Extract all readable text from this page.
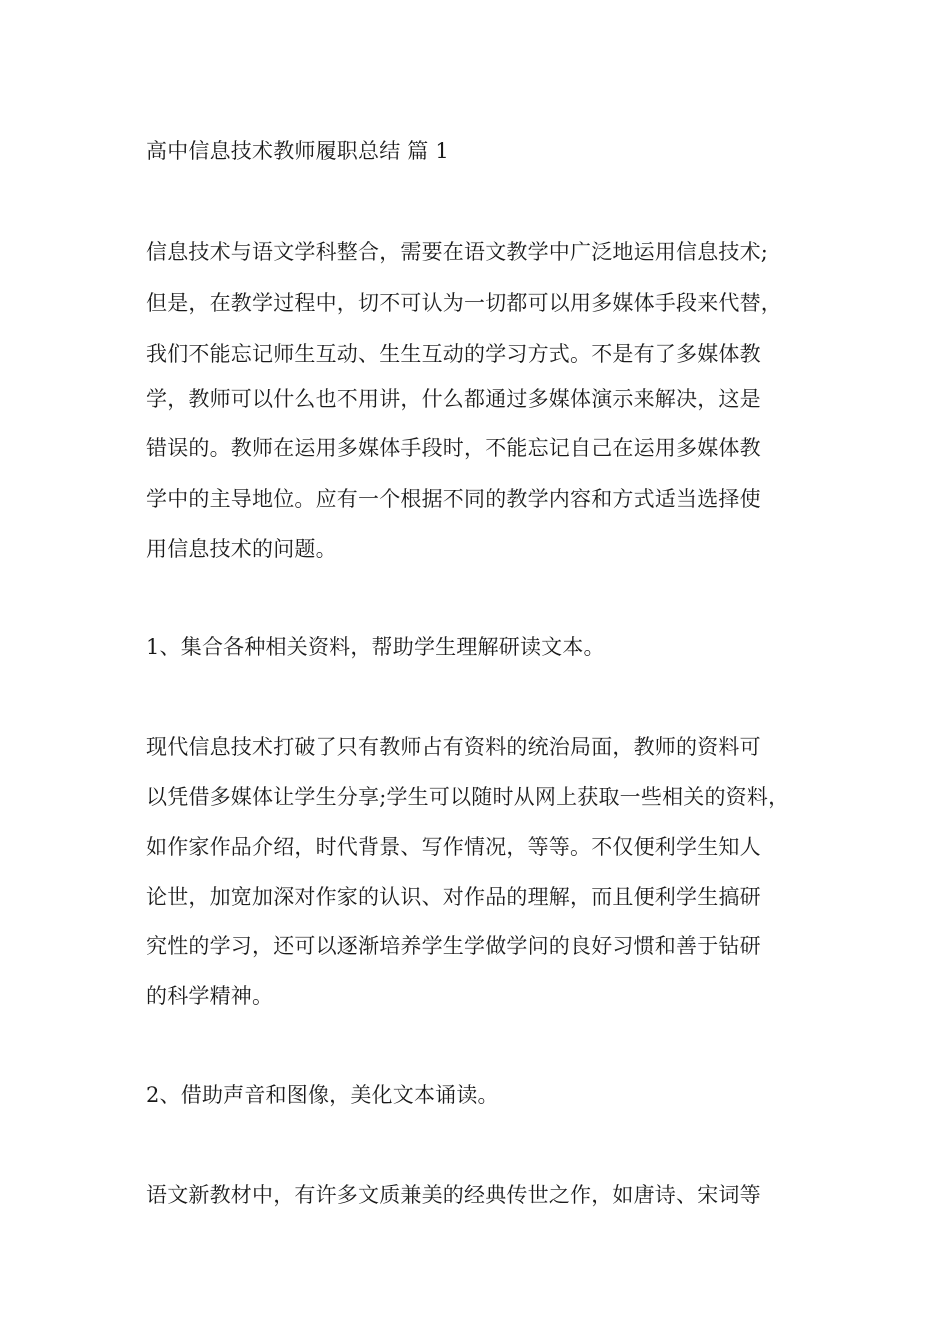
高中信息技术教师履职总结 篇 1
信息技术与语文学科整合，需要在语文教学中广泛地运用信息技术;
但是，在教学过程中，切不可认为一切都可以用多媒体手段来代替，
我们不能忘记师生互动、生生互动的学习方式。不是有了多媒体教
学，教师可以什么也不用讲，什么都通过多媒体演示来解决，这是
错误的。教师在运用多媒体手段时，不能忘记自己在运用多媒体教
学中的主导地位。应有一个根据不同的教学内容和方式适当选择使
用信息技术的问题。
1、集合各种相关资料，帮助学生理解研读文本。
现代信息技术打破了只有教师占有资料的统治局面，教师的资料可
以凭借多媒体让学生分享;学生可以随时从网上获取一些相关的资料，
如作家作品介绍，时代背景、写作情况，等等。不仅便利学生知人
论世，加宽加深对作家的认识、对作品的理解，而且便利学生搞研
究性的学习，还可以逐渐培养学生学做学问的良好习惯和善于钻研
的科学精神。
2、借助声音和图像，美化文本诵读。
语文新教材中，有许多文质兼美的经典传世之作，如唐诗、宋词等
